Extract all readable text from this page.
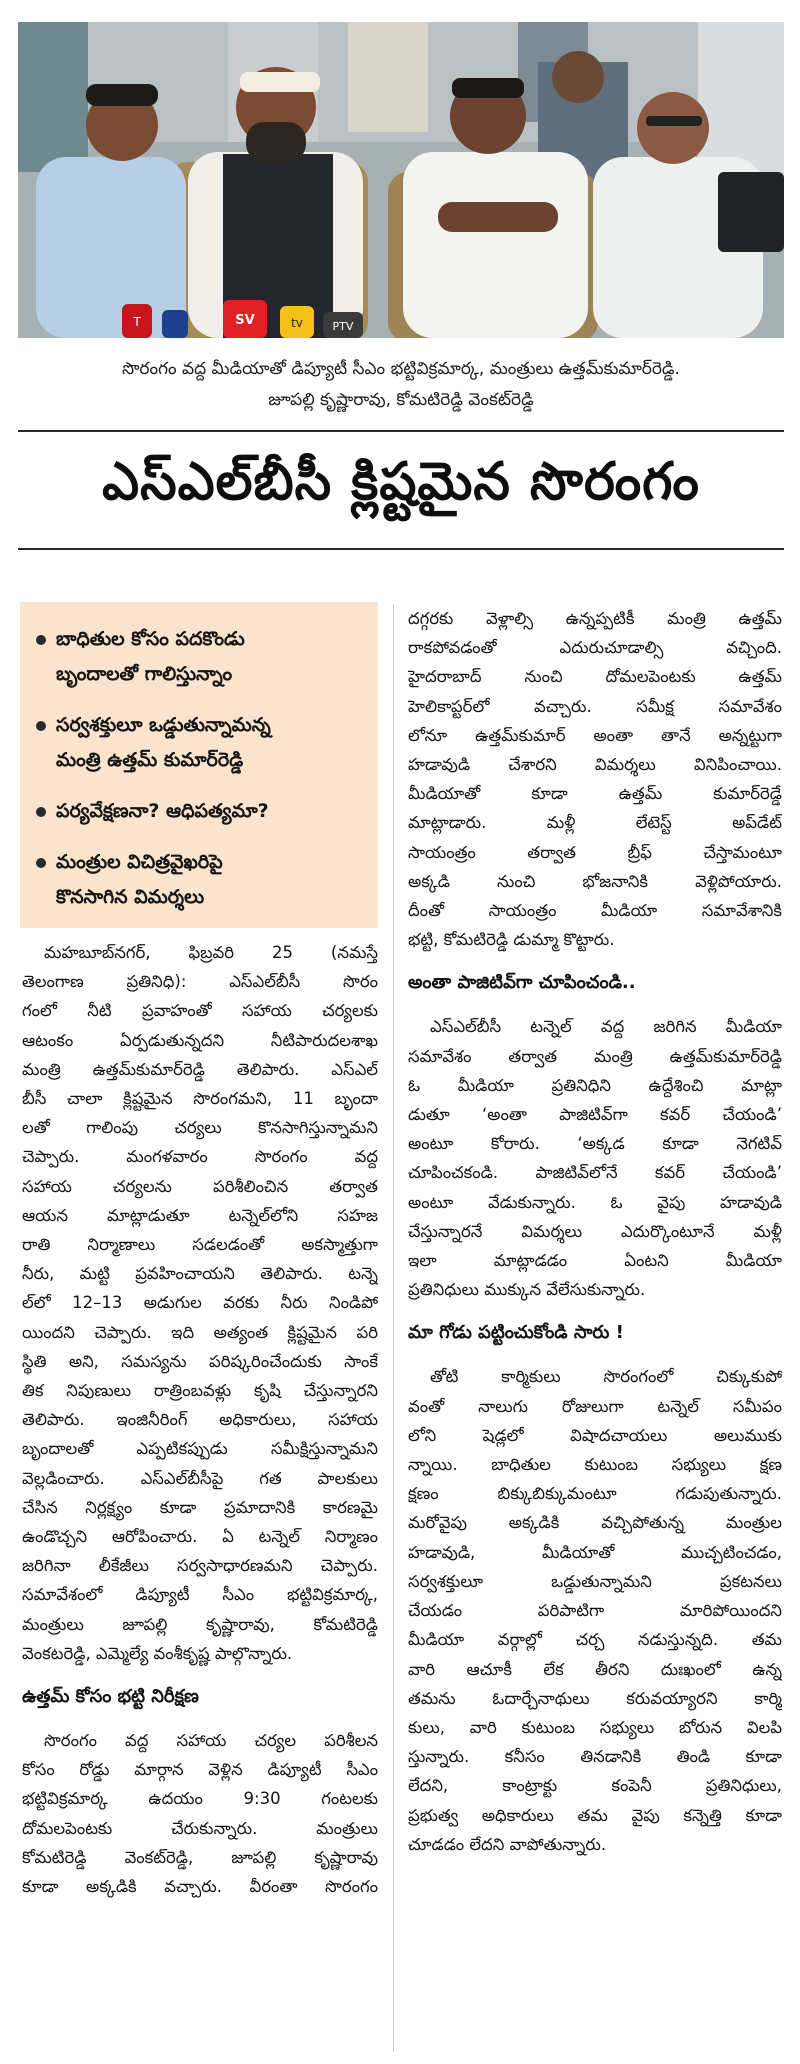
T	SV	tv	PTV
సొరంగం వద్ద మీడియాతో డిప్యూటీ సీఎం భట్టివిక్రమార్క, మంత్రులు ఉత్తమ్‌కుమార్‌రెడ్డి.
జూపల్లి కృష్ణారావు, కోమటిరెడ్డి వెంకట్‌రెడ్డి
ఎస్ఎల్‌బీసీ క్లిష్టమైన సొరంగం
బాధితుల కోసం పదకొండు
బృందాలతో గాలిస్తున్నాం
సర్వశక్తులూ ఒడ్డుతున్నామన్న
మంత్రి ఉత్తమ్ కుమార్‌రెడ్డి
పర్యవేక్షణనా? ఆధిపత్యమా?
మంత్రుల విచిత్రవైఖరిపై
కొనసాగిన విమర్శలు
మహబూబ్‌నగర్, ఫిబ్రవరి 25 (నమస్తే
తెలంగాణ ప్రతినిధి): ఎస్ఎల్‌బీసీ సొరం
గంలో నీటి ప్రవాహంతో సహాయ చర్యలకు
ఆటంకం ఏర్పడుతున్నదని నీటిపారుదలశాఖ
మంత్రి ఉత్తమ్‌కుమార్‌రెడ్డి తెలిపారు. ఎస్ఎల్
బీసీ చాలా క్లిష్టమైన సొరంగమని, 11 బృందా
లతో గాలింపు చర్యలు కొనసాగిస్తున్నామని
చెప్పారు. మంగళవారం సొరంగం వద్ద
సహాయ చర్యలను పరిశీలించిన తర్వాత
ఆయన మాట్లాడుతూ టన్నెల్‌లోని సహజ
రాతి నిర్మాణాలు సడలడంతో అకస్మాత్తుగా
నీరు, మట్టి ప్రవహించాయని తెలిపారు. టన్నె
ల్‌లో 12–13 అడుగుల వరకు నీరు నిండిపో
యిందని చెప్పారు. ఇది అత్యంత క్లిష్టమైన పరి
స్థితి అని, సమస్యను పరిష్కరించేందుకు సాంకే
తిక నిపుణులు రాత్రింబవళ్లు కృషి చేస్తున్నారని
తెలిపారు. ఇంజినీరింగ్ అధికారులు, సహాయ
బృందాలతో ఎప్పటికప్పుడు సమీక్షిస్తున్నామని
వెల్లడించారు. ఎస్ఎల్‌బీసీపై గత పాలకులు
చేసిన నిర్లక్ష్యం కూడా ప్రమాదానికి కారణమై
ఉండొచ్చని ఆరోపించారు. ఏ టన్నెల్ నిర్మాణం
జరిగినా లీకేజీలు సర్వసాధారణమని చెప్పారు.
సమావేశంలో డిప్యూటీ సీఎం భట్టివిక్రమార్క,
మంత్రులు జూపల్లి కృష్ణారావు, కోమటిరెడ్డి
వెంకటరెడ్డి, ఎమ్మెల్యే వంశీకృష్ణ పాల్గొన్నారు.
ఉత్తమ్ కోసం భట్టి నిరీక్షణ
సొరంగం వద్ద సహాయ చర్యల పరిశీలన
కోసం రోడ్డు మార్గాన వెళ్లిన డిప్యూటీ సీఎం
భట్టివిక్రమార్క ఉదయం 9:30 గంటలకు
దోమలపెంటకు చేరుకున్నారు. మంత్రులు
కోమటిరెడ్డి వెంకట్‌రెడ్డి, జూపల్లి కృష్ణారావు
కూడా అక్కడికి వచ్చారు. వీరంతా సొరంగం
దగ్గరకు వెళ్లాల్సి ఉన్నప్పటికీ మంత్రి ఉత్తమ్
రాకపోవడంతో ఎదురుచూడాల్సి వచ్చింది.
హైదరాబాద్ నుంచి దోమలపెంటకు ఉత్తమ్
హెలికాప్టర్‌లో వచ్చారు. సమీక్ష సమావేశం
లోనూ ఉత్తమ్‌కుమార్ అంతా తానే అన్నట్టుగా
హడావుడి చేశారని విమర్శలు వినిపించాయి.
మీడియాతో కూడా ఉత్తమ్ కుమార్‌రెడ్డే
మాట్లాడారు. మళ్లీ లేటెస్ట్ అప్‌డేట్
సాయంత్రం తర్వాత బ్రీఫ్ చేస్తామంటూ
అక్కడి నుంచి భోజనానికి వెళ్లిపోయారు.
దీంతో సాయంత్రం మీడియా సమావేశానికి
భట్టి, కోమటిరెడ్డి డుమ్మా కొట్టారు.
అంతా పాజిటివ్‌గా చూపించండి..
ఎస్ఎల్‌బీసీ టన్నెల్ వద్ద జరిగిన మీడియా
సమావేశం తర్వాత మంత్రి ఉత్తమ్‌కుమార్‌రెడ్డి
ఓ మీడియా ప్రతినిధిని ఉద్దేశించి మాట్లా
డుతూ ‘అంతా పాజిటివ్‌గా కవర్ చేయండి’
అంటూ కోరారు. ‘అక్కడ కూడా నెగటివ్
చూపించకండి. పాజిటివ్‌లోనే కవర్ చేయండి’
అంటూ వేడుకున్నారు. ఓ వైపు హడావుడి
చేస్తున్నారనే విమర్శలు ఎదుర్కొంటూనే మళ్లీ
ఇలా మాట్లాడడం ఏంటని మీడియా
ప్రతినిధులు ముక్కున వేలేసుకున్నారు.
మా గోడు పట్టించుకోండి సారు !
తోటి కార్మికులు సొరంగంలో చిక్కుకుపో
వంతో నాలుగు రోజులుగా టన్నెల్ సమీపం
లోని షెడ్లలో విషాదచాయలు అలుముకు
న్నాయి. బాధితుల కుటుంబ సభ్యులు క్షణ
క్షణం బిక్కుబిక్కుమంటూ గడుపుతున్నారు.
మరోవైపు అక్కడికి వచ్చిపోతున్న మంత్రుల
హడావుడి, మీడియాతో ముచ్చటించడం,
సర్వశక్తులూ ఒడ్డుతున్నామని ప్రకటనలు
చేయడం పరిపాటిగా మారిపోయిందని
మీడియా వర్గాల్లో చర్చ నడుస్తున్నది. తమ
వారి ఆచూకీ లేక తీరని దుఃఖంలో ఉన్న
తమను ఓదార్చేనాథులు కరువయ్యారని కార్మి
కులు, వారి కుటుంబ సభ్యులు బోరున విలపి
స్తున్నారు. కనీసం తినడానికి తిండి కూడా
లేదని, కాంట్రాక్టు కంపెనీ ప్రతినిధులు,
ప్రభుత్వ అధికారులు తమ వైపు కన్నెత్తి కూడా
చూడడం లేదని వాపోతున్నారు.
